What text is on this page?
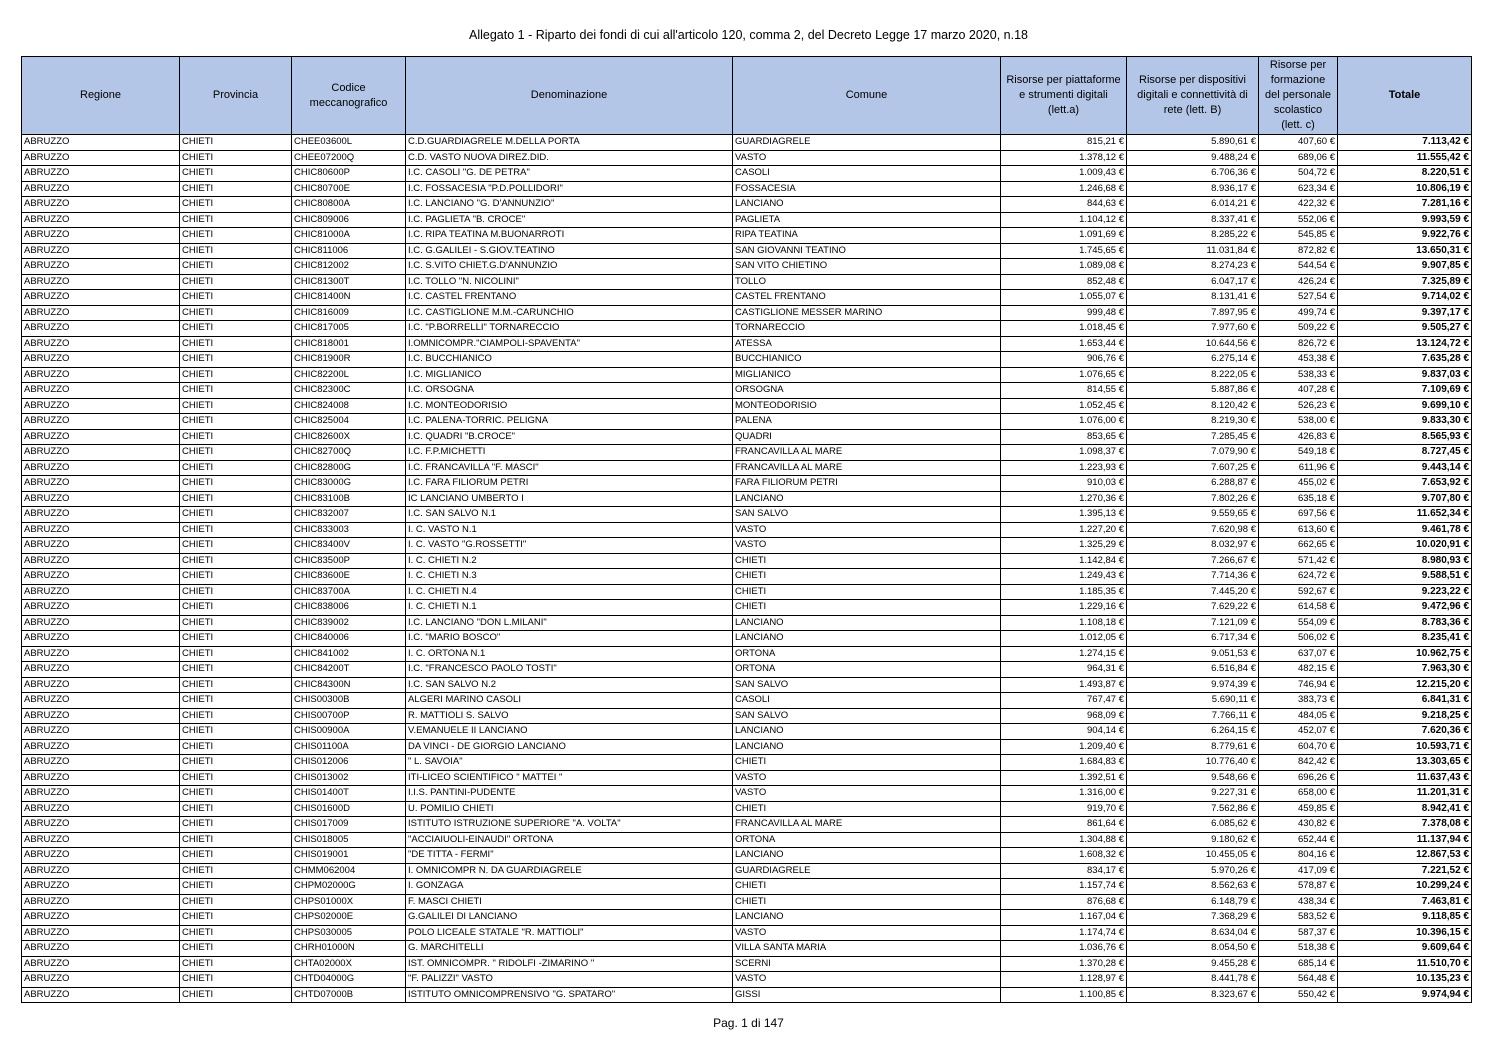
Allegato 1 - Riparto dei fondi di cui all'articolo 120, comma 2, del Decreto Legge 17 marzo 2020, n.18
Regione	Provincia	Codice meccanografico	Denominazione	Comune	Risorse per piattaforme e strumenti digitali (lett.a)	Risorse per dispositivi digitali e connettività di rete (lett. B)	Risorse per formazione del personale scolastico (lett. c)	Totale
ABRUZZO	CHIETI	CHEE03600L	C.D.GUARDIAGRELE M.DELLA PORTA	GUARDIAGRELE	815,21 €	5.890,61 €	407,60 €	7.113,42 €
ABRUZZO	CHIETI	CHEE07200Q	C.D. VASTO NUOVA DIREZ.DID.	VASTO	1.378,12 €	9.488,24 €	689,06 €	11.555,42 €
ABRUZZO	CHIETI	CHIC80600P	I.C. CASOLI "G. DE PETRA"	CASOLI	1.009,43 €	6.706,36 €	504,72 €	8.220,51 €
ABRUZZO	CHIETI	CHIC80700E	I.C. FOSSACESIA "P.D.POLLIDORI"	FOSSACESIA	1.246,68 €	8.936,17 €	623,34 €	10.806,19 €
ABRUZZO	CHIETI	CHIC80800A	I.C. LANCIANO "G. D'ANNUNZIO"	LANCIANO	844,63 €	6.014,21 €	422,32 €	7.281,16 €
ABRUZZO	CHIETI	CHIC809006	I.C. PAGLIETA "B. CROCE"	PAGLIETA	1.104,12 €	8.337,41 €	552,06 €	9.993,59 €
ABRUZZO	CHIETI	CHIC81000A	I.C. RIPA TEATINA M.BUONARROTI	RIPA TEATINA	1.091,69 €	8.285,22 €	545,85 €	9.922,76 €
ABRUZZO	CHIETI	CHIC811006	I.C. G.GALILEI - S.GIOV.TEATINO	SAN GIOVANNI TEATINO	1.745,65 €	11.031,84 €	872,82 €	13.650,31 €
ABRUZZO	CHIETI	CHIC812002	I.C. S.VITO CHIET.G.D'ANNUNZIO	SAN VITO CHIETINO	1.089,08 €	8.274,23 €	544,54 €	9.907,85 €
ABRUZZO	CHIETI	CHIC81300T	I.C. TOLLO "N. NICOLINI"	TOLLO	852,48 €	6.047,17 €	426,24 €	7.325,89 €
ABRUZZO	CHIETI	CHIC81400N	I.C. CASTEL FRENTANO	CASTEL FRENTANO	1.055,07 €	8.131,41 €	527,54 €	9.714,02 €
ABRUZZO	CHIETI	CHIC816009	I.C. CASTIGLIONE M.M.-CARUNCHIO	CASTIGLIONE MESSER MARINO	999,48 €	7.897,95 €	499,74 €	9.397,17 €
ABRUZZO	CHIETI	CHIC817005	I.C. "P.BORRELLI" TORNARECCIO	TORNARECCIO	1.018,45 €	7.977,60 €	509,22 €	9.505,27 €
ABRUZZO	CHIETI	CHIC818001	I.OMNICOMPR."CIAMPOLI-SPAVENTA"	ATESSA	1.653,44 €	10.644,56 €	826,72 €	13.124,72 €
ABRUZZO	CHIETI	CHIC81900R	I.C. BUCCHIANICO	BUCCHIANICO	906,76 €	6.275,14 €	453,38 €	7.635,28 €
ABRUZZO	CHIETI	CHIC82200L	I.C. MIGLIANICO	MIGLIANICO	1.076,65 €	8.222,05 €	538,33 €	9.837,03 €
ABRUZZO	CHIETI	CHIC82300C	I.C. ORSOGNA	ORSOGNA	814,55 €	5.887,86 €	407,28 €	7.109,69 €
ABRUZZO	CHIETI	CHIC824008	I.C. MONTEODORISIO	MONTEODORISIO	1.052,45 €	8.120,42 €	526,23 €	9.699,10 €
ABRUZZO	CHIETI	CHIC825004	I.C. PALENA-TORRIC. PELIGNA	PALENA	1.076,00 €	8.219,30 €	538,00 €	9.833,30 €
ABRUZZO	CHIETI	CHIC82600X	I.C. QUADRI "B.CROCE"	QUADRI	853,65 €	7.285,45 €	426,83 €	8.565,93 €
ABRUZZO	CHIETI	CHIC82700Q	I.C. F.P.MICHETTI	FRANCAVILLA AL MARE	1.098,37 €	7.079,90 €	549,18 €	8.727,45 €
ABRUZZO	CHIETI	CHIC82800G	I.C. FRANCAVILLA "F. MASCI"	FRANCAVILLA AL MARE	1.223,93 €	7.607,25 €	611,96 €	9.443,14 €
ABRUZZO	CHIETI	CHIC83000G	I.C. FARA FILIORUM PETRI	FARA FILIORUM PETRI	910,03 €	6.288,87 €	455,02 €	7.653,92 €
ABRUZZO	CHIETI	CHIC83100B	IC LANCIANO UMBERTO I	LANCIANO	1.270,36 €	7.802,26 €	635,18 €	9.707,80 €
ABRUZZO	CHIETI	CHIC832007	I.C. SAN SALVO N.1	SAN SALVO	1.395,13 €	9.559,65 €	697,56 €	11.652,34 €
ABRUZZO	CHIETI	CHIC833003	I. C. VASTO N.1	VASTO	1.227,20 €	7.620,98 €	613,60 €	9.461,78 €
ABRUZZO	CHIETI	CHIC83400V	I. C. VASTO "G.ROSSETTI"	VASTO	1.325,29 €	8.032,97 €	662,65 €	10.020,91 €
ABRUZZO	CHIETI	CHIC83500P	I. C. CHIETI N.2	CHIETI	1.142,84 €	7.266,67 €	571,42 €	8.980,93 €
ABRUZZO	CHIETI	CHIC83600E	I. C. CHIETI N.3	CHIETI	1.249,43 €	7.714,36 €	624,72 €	9.588,51 €
ABRUZZO	CHIETI	CHIC83700A	I. C. CHIETI N.4	CHIETI	1.185,35 €	7.445,20 €	592,67 €	9.223,22 €
ABRUZZO	CHIETI	CHIC838006	I. C. CHIETI N.1	CHIETI	1.229,16 €	7.629,22 €	614,58 €	9.472,96 €
ABRUZZO	CHIETI	CHIC839002	I.C. LANCIANO "DON L.MILANI"	LANCIANO	1.108,18 €	7.121,09 €	554,09 €	8.783,36 €
ABRUZZO	CHIETI	CHIC840006	I.C. "MARIO BOSCO"	LANCIANO	1.012,05 €	6.717,34 €	506,02 €	8.235,41 €
ABRUZZO	CHIETI	CHIC841002	I. C. ORTONA N.1	ORTONA	1.274,15 €	9.051,53 €	637,07 €	10.962,75 €
ABRUZZO	CHIETI	CHIC84200T	I.C. "FRANCESCO PAOLO TOSTI"	ORTONA	964,31 €	6.516,84 €	482,15 €	7.963,30 €
ABRUZZO	CHIETI	CHIC84300N	I.C. SAN SALVO N.2	SAN SALVO	1.493,87 €	9.974,39 €	746,94 €	12.215,20 €
ABRUZZO	CHIETI	CHIS00300B	ALGERI MARINO CASOLI	CASOLI	767,47 €	5.690,11 €	383,73 €	6.841,31 €
ABRUZZO	CHIETI	CHIS00700P	R. MATTIOLI S. SALVO	SAN SALVO	968,09 €	7.766,11 €	484,05 €	9.218,25 €
ABRUZZO	CHIETI	CHIS00900A	V.EMANUELE II LANCIANO	LANCIANO	904,14 €	6.264,15 €	452,07 €	7.620,36 €
ABRUZZO	CHIETI	CHIS01100A	DA VINCI - DE GIORGIO LANCIANO	LANCIANO	1.209,40 €	8.779,61 €	604,70 €	10.593,71 €
ABRUZZO	CHIETI	CHIS012006	" L. SAVOIA"	CHIETI	1.684,83 €	10.776,40 €	842,42 €	13.303,65 €
ABRUZZO	CHIETI	CHIS013002	ITI-LICEO SCIENTIFICO " MATTEI "	VASTO	1.392,51 €	9.548,66 €	696,26 €	11.637,43 €
ABRUZZO	CHIETI	CHIS01400T	I.I.S. PANTINI-PUDENTE	VASTO	1.316,00 €	9.227,31 €	658,00 €	11.201,31 €
ABRUZZO	CHIETI	CHIS01600D	U. POMILIO CHIETI	CHIETI	919,70 €	7.562,86 €	459,85 €	8.942,41 €
ABRUZZO	CHIETI	CHIS017009	ISTITUTO ISTRUZIONE SUPERIORE "A. VOLTA"	FRANCAVILLA AL MARE	861,64 €	6.085,62 €	430,82 €	7.378,08 €
ABRUZZO	CHIETI	CHIS018005	"ACCIAIUOLI-EINAUDI" ORTONA	ORTONA	1.304,88 €	9.180,62 €	652,44 €	11.137,94 €
ABRUZZO	CHIETI	CHIS019001	"DE TITTA - FERMI"	LANCIANO	1.608,32 €	10.455,05 €	804,16 €	12.867,53 €
ABRUZZO	CHIETI	CHMM062004	I. OMNICOMPR N. DA GUARDIAGRELE	GUARDIAGRELE	834,17 €	5.970,26 €	417,09 €	7.221,52 €
ABRUZZO	CHIETI	CHPM02000G	I. GONZAGA	CHIETI	1.157,74 €	8.562,63 €	578,87 €	10.299,24 €
ABRUZZO	CHIETI	CHPS01000X	F. MASCI CHIETI	CHIETI	876,68 €	6.148,79 €	438,34 €	7.463,81 €
ABRUZZO	CHIETI	CHPS02000E	G.GALILEI DI LANCIANO	LANCIANO	1.167,04 €	7.368,29 €	583,52 €	9.118,85 €
ABRUZZO	CHIETI	CHPS030005	POLO LICEALE STATALE "R. MATTIOLI"	VASTO	1.174,74 €	8.634,04 €	587,37 €	10.396,15 €
ABRUZZO	CHIETI	CHRH01000N	G. MARCHITELLI	VILLA SANTA MARIA	1.036,76 €	8.054,50 €	518,38 €	9.609,64 €
ABRUZZO	CHIETI	CHTA02000X	IST. OMNICOMPR. " RIDOLFI -ZIMARINO "	SCERNI	1.370,28 €	9.455,28 €	685,14 €	11.510,70 €
ABRUZZO	CHIETI	CHTD04000G	"F. PALIZZI" VASTO	VASTO	1.128,97 €	8.441,78 €	564,48 €	10.135,23 €
ABRUZZO	CHIETI	CHTD07000B	ISTITUTO OMNICOMPRENSIVO "G. SPATARO"	GISSI	1.100,85 €	8.323,67 €	550,42 €	9.974,94 €
Pag. 1 di 147
